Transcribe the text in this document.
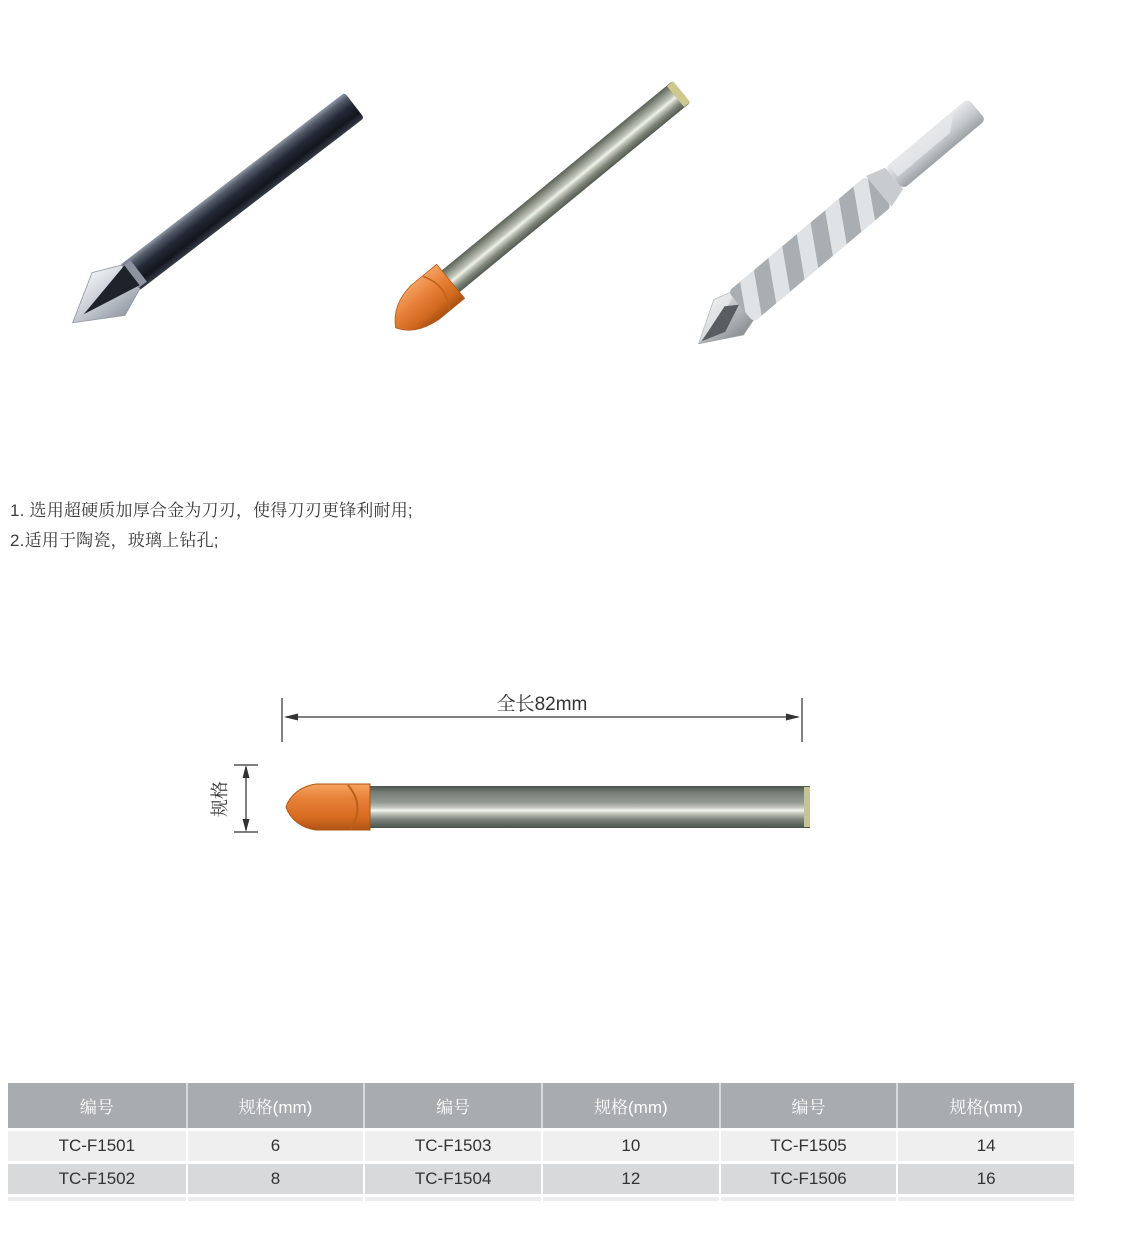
1. 选用超硬质加厚合金为刀刃，使得刀刃更锋利耐用;
2.适用于陶瓷，玻璃上钻孔;
全长82mm
规格
编号	规格(mm)	编号	规格(mm)	编号	规格(mm)
TC-F1501	6	TC-F1503	10	TC-F1505	14
TC-F1502	8	TC-F1504	12	TC-F1506	16
